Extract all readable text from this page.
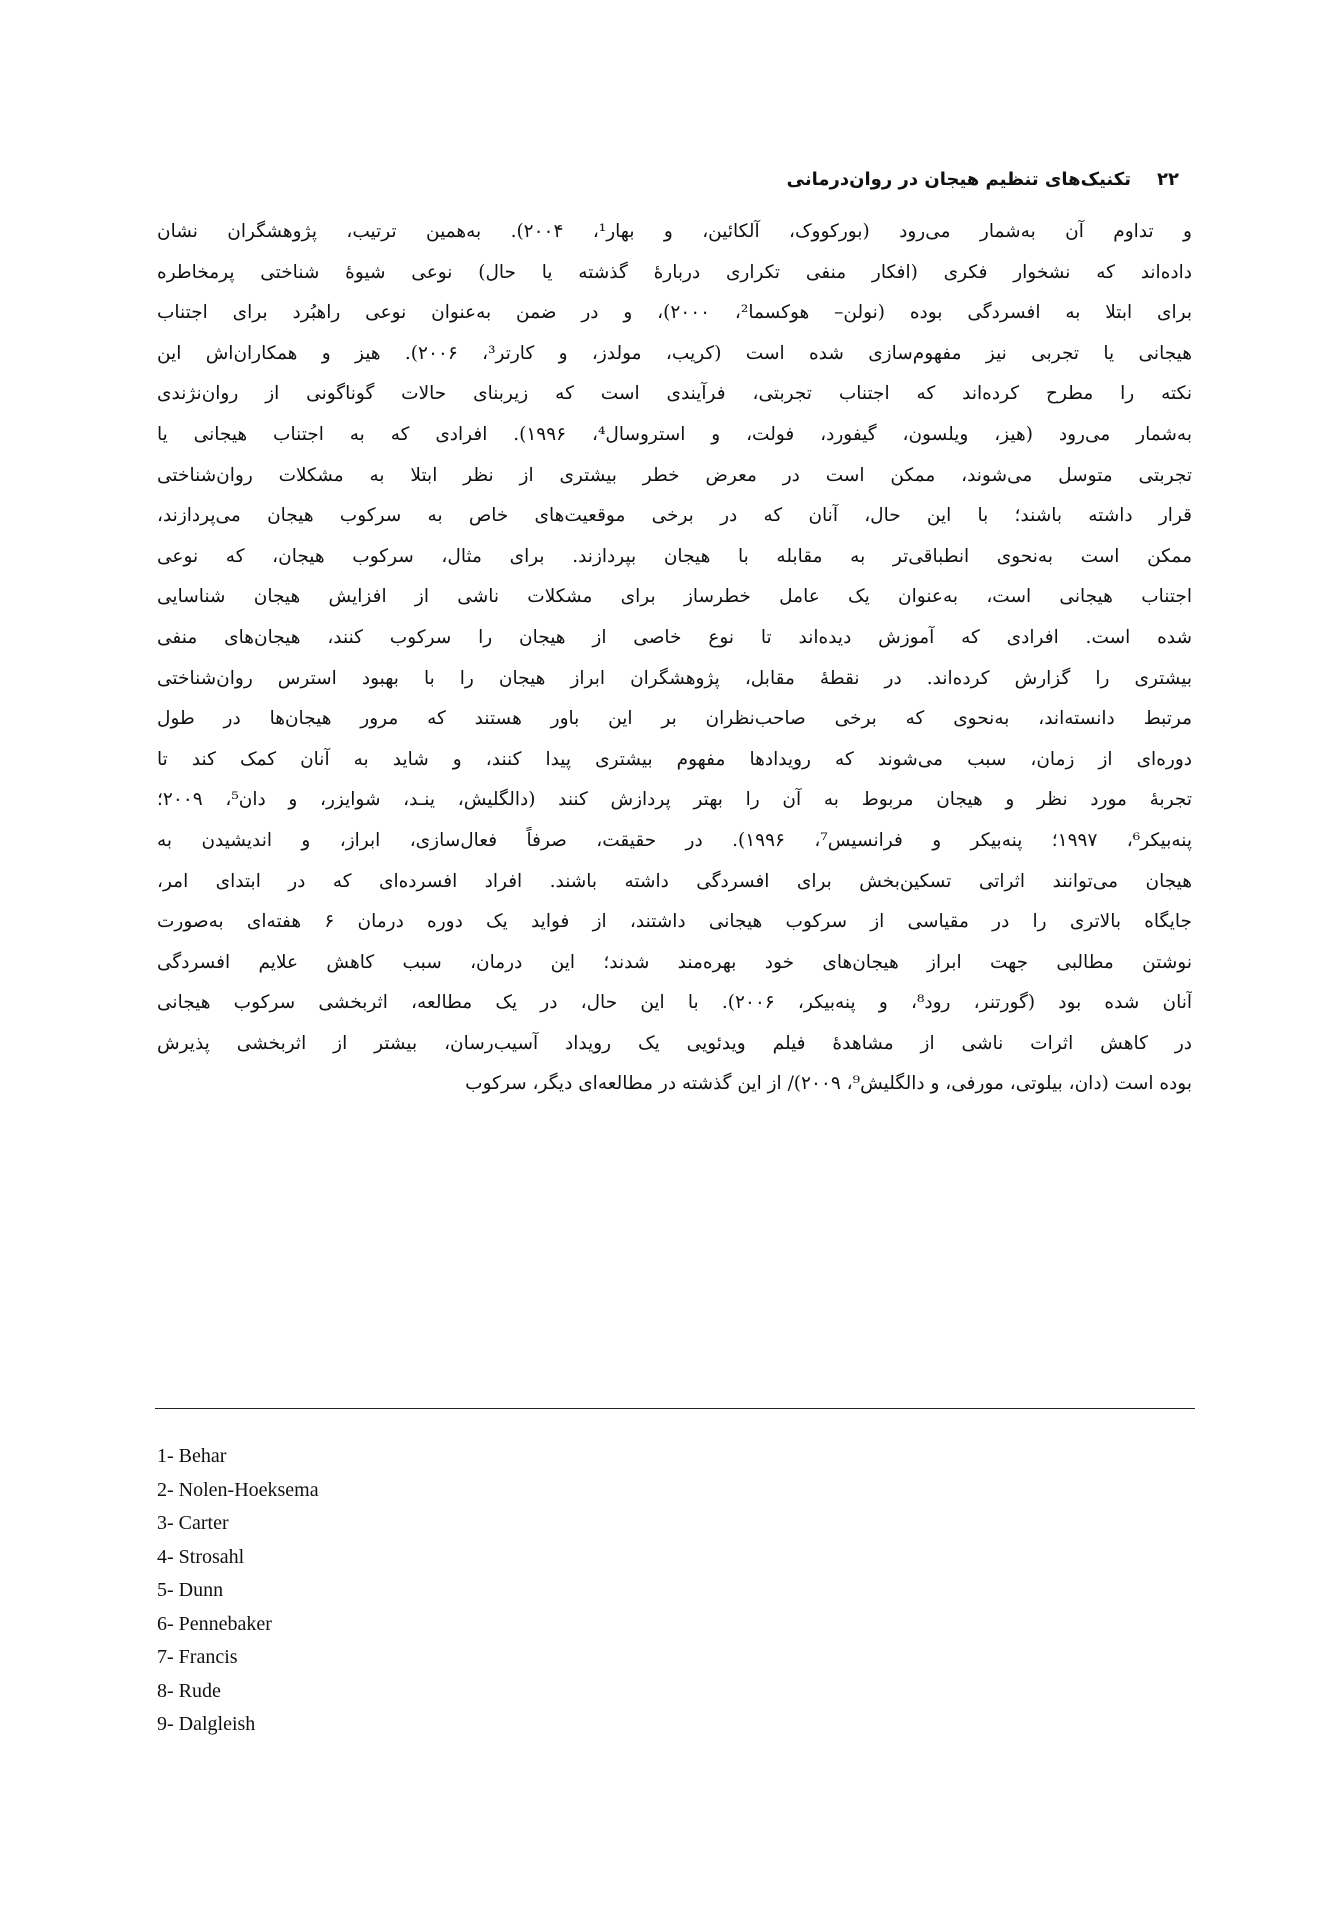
۲۲تکنیک‌های تنظیم هیجان در روان‌درمانی
و تداوم آن به‌شمار می‌رود (بورکووک، آلکائین، و بهار¹، ۲۰۰۴). به‌همین ترتیب، پژوهشگران نشان
داده‌اند که نشخوار فکری (افکار منفی تکراری دربارهٔ گذشته یا حال) نوعی شیوهٔ شناختی پرمخاطره
برای ابتلا به افسردگی بوده (نولن– هوکسما²، ۲۰۰۰)، و در ضمن به‌عنوان نوعی راهبُرد برای اجتناب
هیجانی یا تجربی نیز مفهوم‌سازی شده است (کریب، مولدز، و کارتر³، ۲۰۰۶). هیز و همکاران‌اش این
نکته را مطرح کرده‌اند که اجتناب تجربتی، فرآیندی است که زیربنای حالات گوناگونی از روان‌نژندی
به‌شمار می‌رود (هیز، ویلسون، گیفورد، فولت، و استروسال⁴، ۱۹۹۶). افرادی که به اجتناب هیجانی یا
تجربتی متوسل می‌شوند، ممکن است در معرض خطر بیشتری از نظر ابتلا به مشکلات روان‌شناختی
قرار داشته باشند؛ با این حال، آنان که در برخی موقعیت‌های خاص به سرکوب هیجان می‌پردازند،
ممکن است به‌نحوی انطباقی‌تر به مقابله با هیجان بپردازند. برای مثال، سرکوب هیجان، که نوعی
اجتناب هیجانی است، به‌عنوان یک عامل خطرساز برای مشکلات ناشی از افزایش هیجان شناسایی
شده است. افرادی که آموزش دیده‌اند تا نوع خاصی از هیجان را سرکوب کنند، هیجان‌های منفی
بیشتری را گزارش کرده‌اند. در نقطهٔ مقابل، پژوهشگران ابراز هیجان را با بهبود استرس روان‌شناختی
مرتبط دانسته‌اند، به‌نحوی که برخی صاحب‌نظران بر این باور هستند که مرور هیجان‌ها در طول
دوره‌ای از زمان، سبب می‌شوند که رویدادها مفهوم بیشتری پیدا کنند، و شاید به آنان کمک کند تا
تجربهٔ مورد نظر و هیجان مربوط به آن را بهتر پردازش کنند (دالگلیش، ینـد، شوایزر، و دان⁵، ۲۰۰۹؛
پنه‌بیکر⁶، ۱۹۹۷؛ پنه‌بیکر و فرانسیس⁷، ۱۹۹۶). در حقیقت، صرفاً فعال‌سازی، ابراز، و اندیشیدن به
هیجان می‌توانند اثراتی تسکین‌بخش برای افسردگی داشته باشند. افراد افسرده‌ای که در ابتدای امر،
جایگاه بالاتری را در مقیاسی از سرکوب هیجانی داشتند، از فواید یک دوره درمان ۶ هفته‌ای به‌صورت
نوشتن مطالبی جهت ابراز هیجان‌های خود بهره‌مند شدند؛ این درمان، سبب کاهش علایم افسردگی
آنان شده بود (گورتنر، رود⁸، و پنه‌بیکر، ۲۰۰۶). با این حال، در یک مطالعه، اثربخشی سرکوب هیجانی
در کاهش اثرات ناشی از مشاهدهٔ فیلم ویدئویی یک رویداد آسیب‌رسان، بیشتر از اثربخشی پذیرش
بوده است (دان، بیلوتی، مورفی، و دالگلیش⁹، ۲۰۰۹)/ از این گذشته در مطالعه‌ای دیگر، سرکوب
1- Behar
2- Nolen-Hoeksema
3- Carter
4- Strosahl
5- Dunn
6- Pennebaker
7- Francis
8- Rude
9- Dalgleish
